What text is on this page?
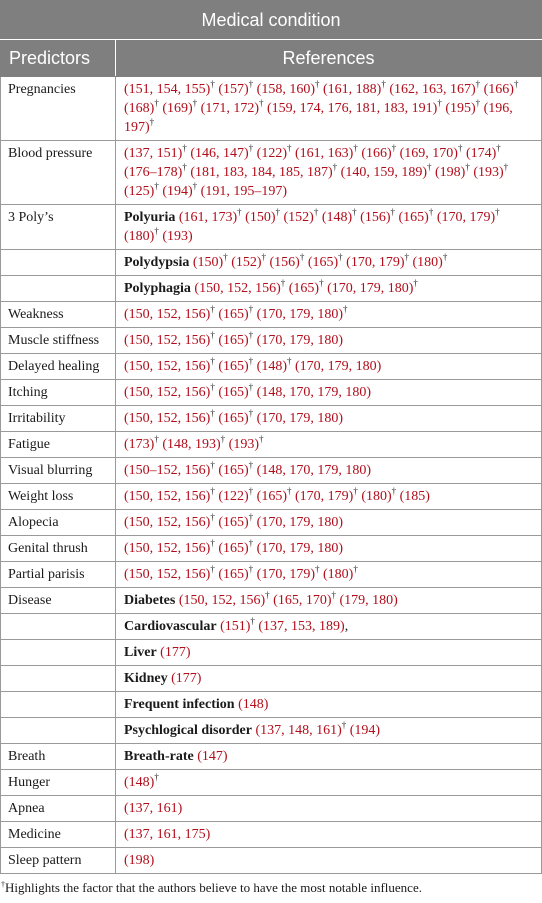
Medical condition	
Predictors	References
Pregnancies	(151, 154, 155)† (157)† (158, 160)† (161, 188)† (162, 163, 167)† (166)† (168)† (169)† (171, 172)† (159, 174, 176, 181, 183, 191)† (195)† (196, 197)†
Blood pressure	(137, 151)† (146, 147)† (122)† (161, 163)† (166)† (169, 170)† (174)† (176–178)† (181, 183, 184, 185, 187)† (140, 159, 189)† (198)† (193)† (125)† (194)† (191, 195–197)
3 Poly’s	Polyuria (161, 173)† (150)† (152)† (148)† (156)† (165)† (170, 179)† (180)† (193)
	Polydypsia (150)† (152)† (156)† (165)† (170, 179)† (180)†
	Polyphagia (150, 152, 156)† (165)† (170, 179, 180)†
Weakness	(150, 152, 156)† (165)† (170, 179, 180)†
Muscle stiffness	(150, 152, 156)† (165)† (170, 179, 180)
Delayed healing	(150, 152, 156)† (165)† (148)† (170, 179, 180)
Itching	(150, 152, 156)† (165)† (148, 170, 179, 180)
Irritability	(150, 152, 156)† (165)† (170, 179, 180)
Fatigue	(173)† (148, 193)† (193)†
Visual blurring	(150–152, 156)† (165)† (148, 170, 179, 180)
Weight loss	(150, 152, 156)† (122)† (165)† (170, 179)† (180)† (185)
Alopecia	(150, 152, 156)† (165)† (170, 179, 180)
Genital thrush	(150, 152, 156)† (165)† (170, 179, 180)
Partial parisis	(150, 152, 156)† (165)† (170, 179)† (180)†
Disease	Diabetes (150, 152, 156)† (165, 170)† (179, 180)
	Cardiovascular (151)† (137, 153, 189),
	Liver (177)
	Kidney (177)
	Frequent infection (148)
	Psychlogical disorder (137, 148, 161)† (194)
Breath	Breath-rate (147)
Hunger	(148)†
Apnea	(137, 161)
Medicine	(137, 161, 175)
Sleep pattern	(198)
†Highlights the factor that the authors believe to have the most notable influence.
